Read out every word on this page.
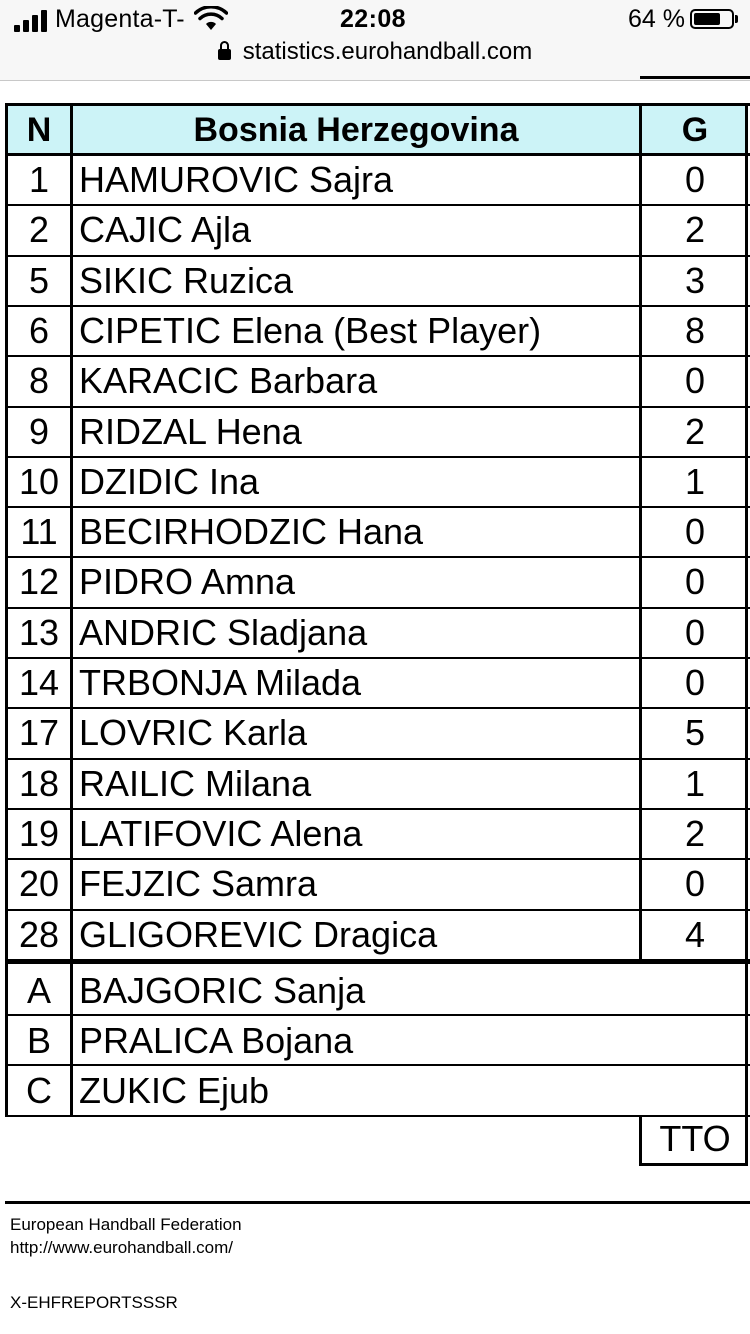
Magenta-T-	22:08	64 %
statistics.eurohandball.com
N	Bosnia Herzegovina	G
1 HAMUROVIC Sajra	0
2 CAJIC Ajla	2
5 SIKIC Ruzica	3
6 CIPETIC Elena (Best Player)	8
8 KARACIC Barbara	0
9 RIDZAL Hena	2
10 DZIDIC Ina	1
11 BECIRHODZIC Hana	0
12 PIDRO Amna	0
13 ANDRIC Sladjana	0
14 TRBONJA Milada	0
17 LOVRIC Karla	5
18 RAILIC Milana	1
19 LATIFOVIC Alena	2
20 FEJZIC Samra	0
28 GLIGOREVIC Dragica	4
A BAJGORIC Sanja
B PRALICA Bojana
C ZUKIC Ejub
TTO
European Handball Federation
http://www.eurohandball.com/
X-EHFREPORTSSSR
